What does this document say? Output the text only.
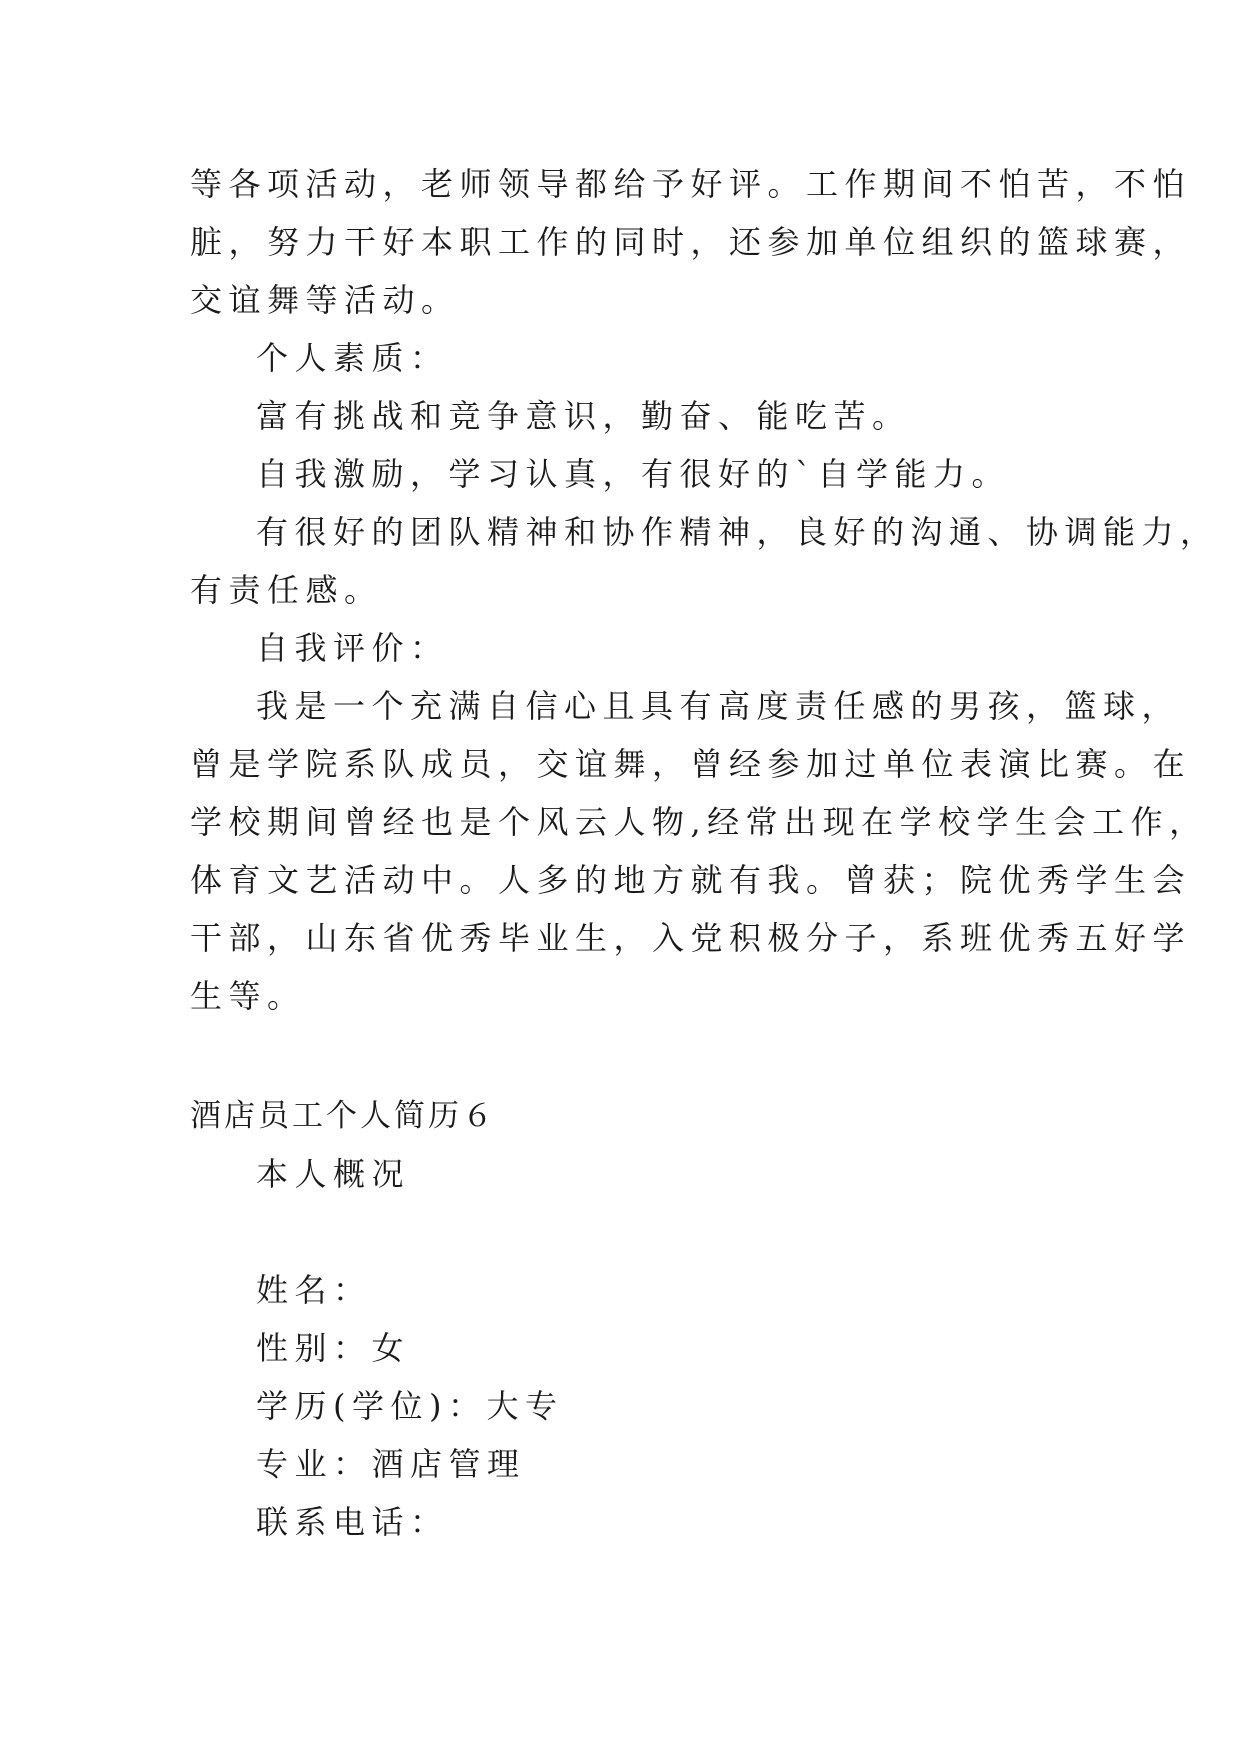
等各项活动，老师领导都给予好评。工作期间不怕苦，不怕
脏，努力干好本职工作的同时，还参加单位组织的篮球赛，
交谊舞等活动。
个人素质：
富有挑战和竞争意识，勤奋、能吃苦。
自我激励，学习认真，有很好的`自学能力。
有很好的团队精神和协作精神，良好的沟通、协调能力，
有责任感。
自我评价：
我是一个充满自信心且具有高度责任感的男孩，篮球，
曾是学院系队成员，交谊舞，曾经参加过单位表演比赛。在
学校期间曾经也是个风云人物,经常出现在学校学生会工作，
体育文艺活动中。人多的地方就有我。曾获；院优秀学生会
干部，山东省优秀毕业生，入党积极分子，系班优秀五好学
生等。
酒店员工个人简历６
本人概况
姓名：
性别：女
学历(学位)：大专
专业：酒店管理
联系电话：
